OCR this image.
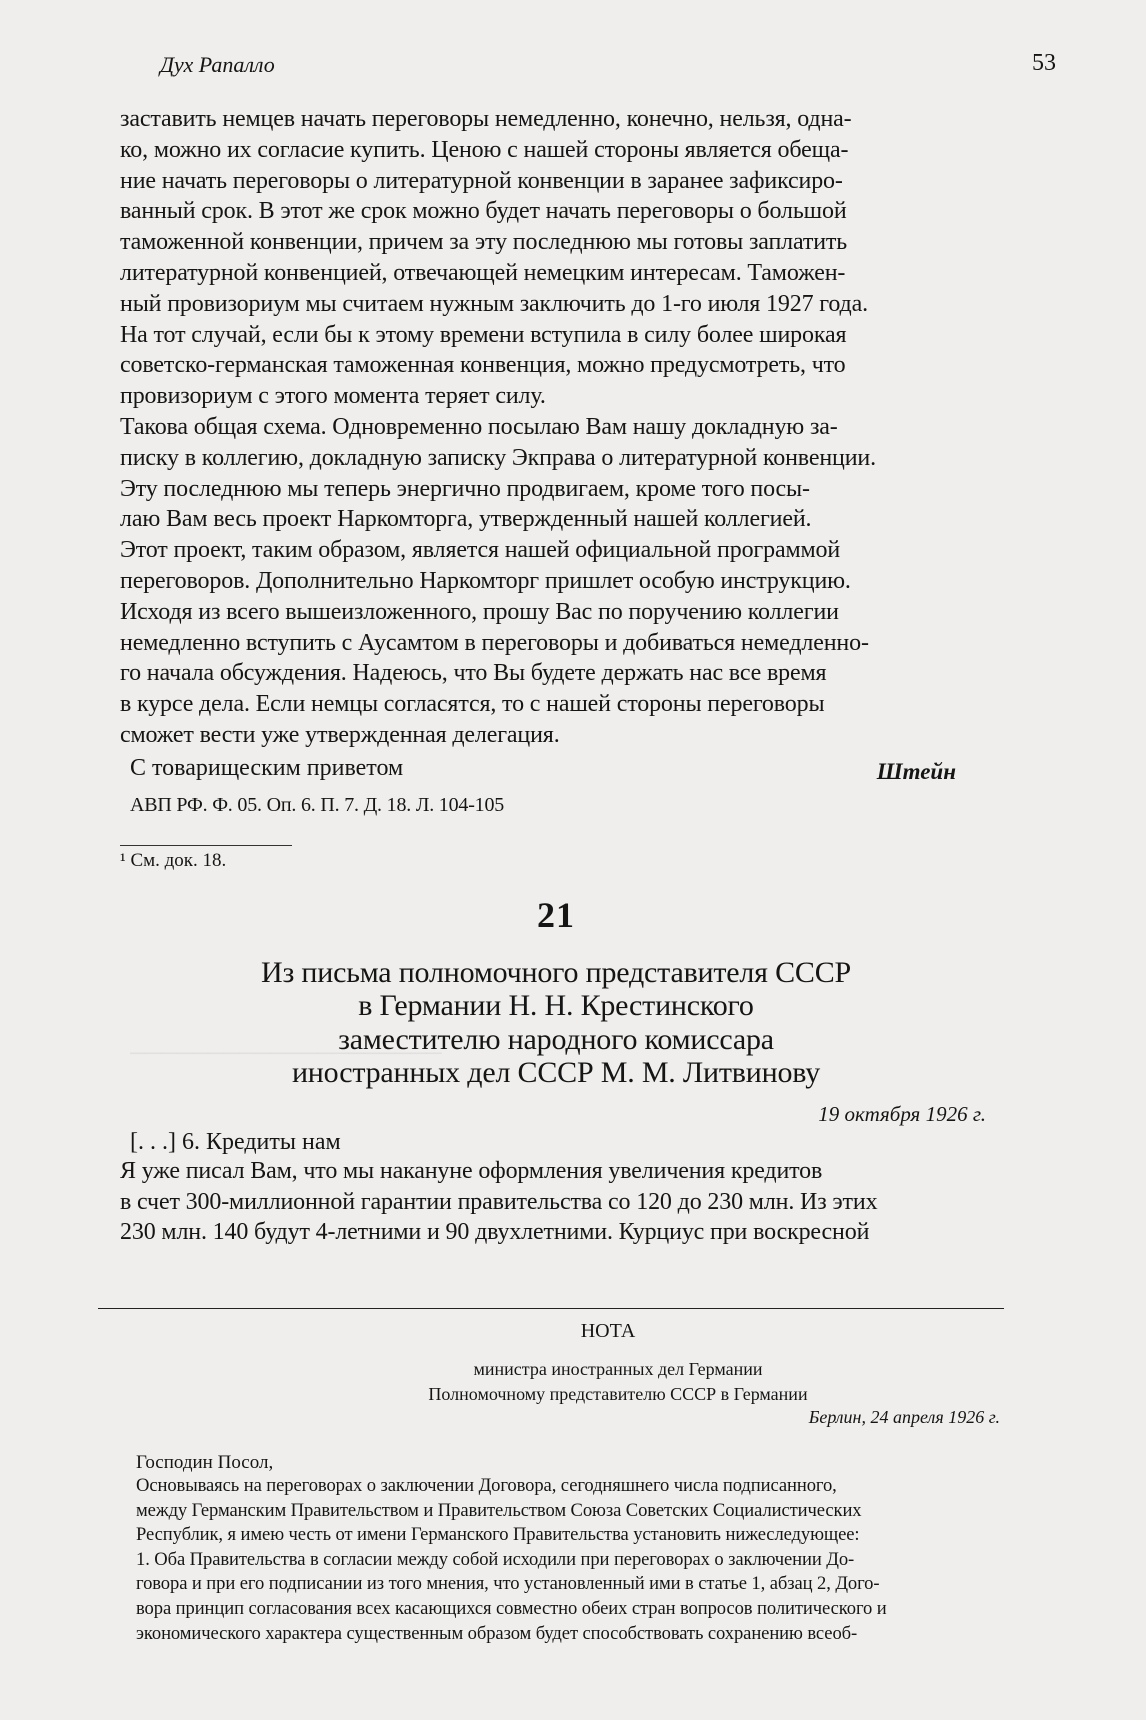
────────────────────
Дух Рапалло	53
заставить немцев начать переговоры немедленно, конечно, нельзя, одна-
ко, можно их согласие купить. Ценою с нашей стороны является обеща-
ние начать переговоры о литературной конвенции в заранее зафиксиро-
ванный срок. В этот же срок можно будет начать переговоры о большой
таможенной конвенции, причем за эту последнюю мы готовы заплатить
литературной конвенцией, отвечающей немецким интересам. Таможен-
ный провизориум мы считаем нужным заключить до 1-го июля 1927 года.
На тот случай, если бы к этому времени вступила в силу более широкая
советско-германская таможенная конвенция, можно предусмотреть, что
провизориум с этого момента теряет силу.
Такова общая схема. Одновременно посылаю Вам нашу докладную за-
писку в коллегию, докладную записку Экправа о литературной конвенции.
Эту последнюю мы теперь энергично продвигаем, кроме того посы-
лаю Вам весь проект Наркомторга, утвержденный нашей коллегией.
Этот проект, таким образом, является нашей официальной программой
переговоров. Дополнительно Наркомторг пришлет особую инструкцию.
Исходя из всего вышеизложенного, прошу Вас по поручению коллегии
немедленно вступить с Аусамтом в переговоры и добиваться немедленно-
го начала обсуждения. Надеюсь, что Вы будете держать нас все время
в курсе дела. Если немцы согласятся, то с нашей стороны переговоры
сможет вести уже утвержденная делегация.
С товарищеским приветом	Штейн
АВП РФ. Ф. 05. Оп. 6. П. 7. Д. 18. Л. 104-105
¹ См. док. 18.
21
Из письма полномочного представителя СССР
в Германии Н. Н. Крестинского
заместителю народного комиссара
иностранных дел СССР М. М. Литвинову
19 октября 1926 г.
[. . .] 6. Кредиты нам
Я уже писал Вам, что мы накануне оформления увеличения кредитов
в счет 300-миллионной гарантии правительства со 120 до 230 млн. Из этих
230 млн. 140 будут 4-летними и 90 двухлетними. Курциус при воскресной
НОТА
министра иностранных дел Германии
Полномочному представителю СССР в Германии
Берлин, 24 апреля 1926 г.
Господин Посол,
Основываясь на переговорах о заключении Договора, сегодняшнего числа подписанного,
между Германским Правительством и Правительством Союза Советских Социалистических
Республик, я имею честь от имени Германского Правительства установить нижеследующее:
1. Оба Правительства в согласии между собой исходили при переговорах о заключении До-
говора и при его подписании из того мнения, что установленный ими в статье 1, абзац 2, Дого-
вора принцип согласования всех касающихся совместно обеих стран вопросов политического и
экономического характера существенным образом будет способствовать сохранению всеоб-
